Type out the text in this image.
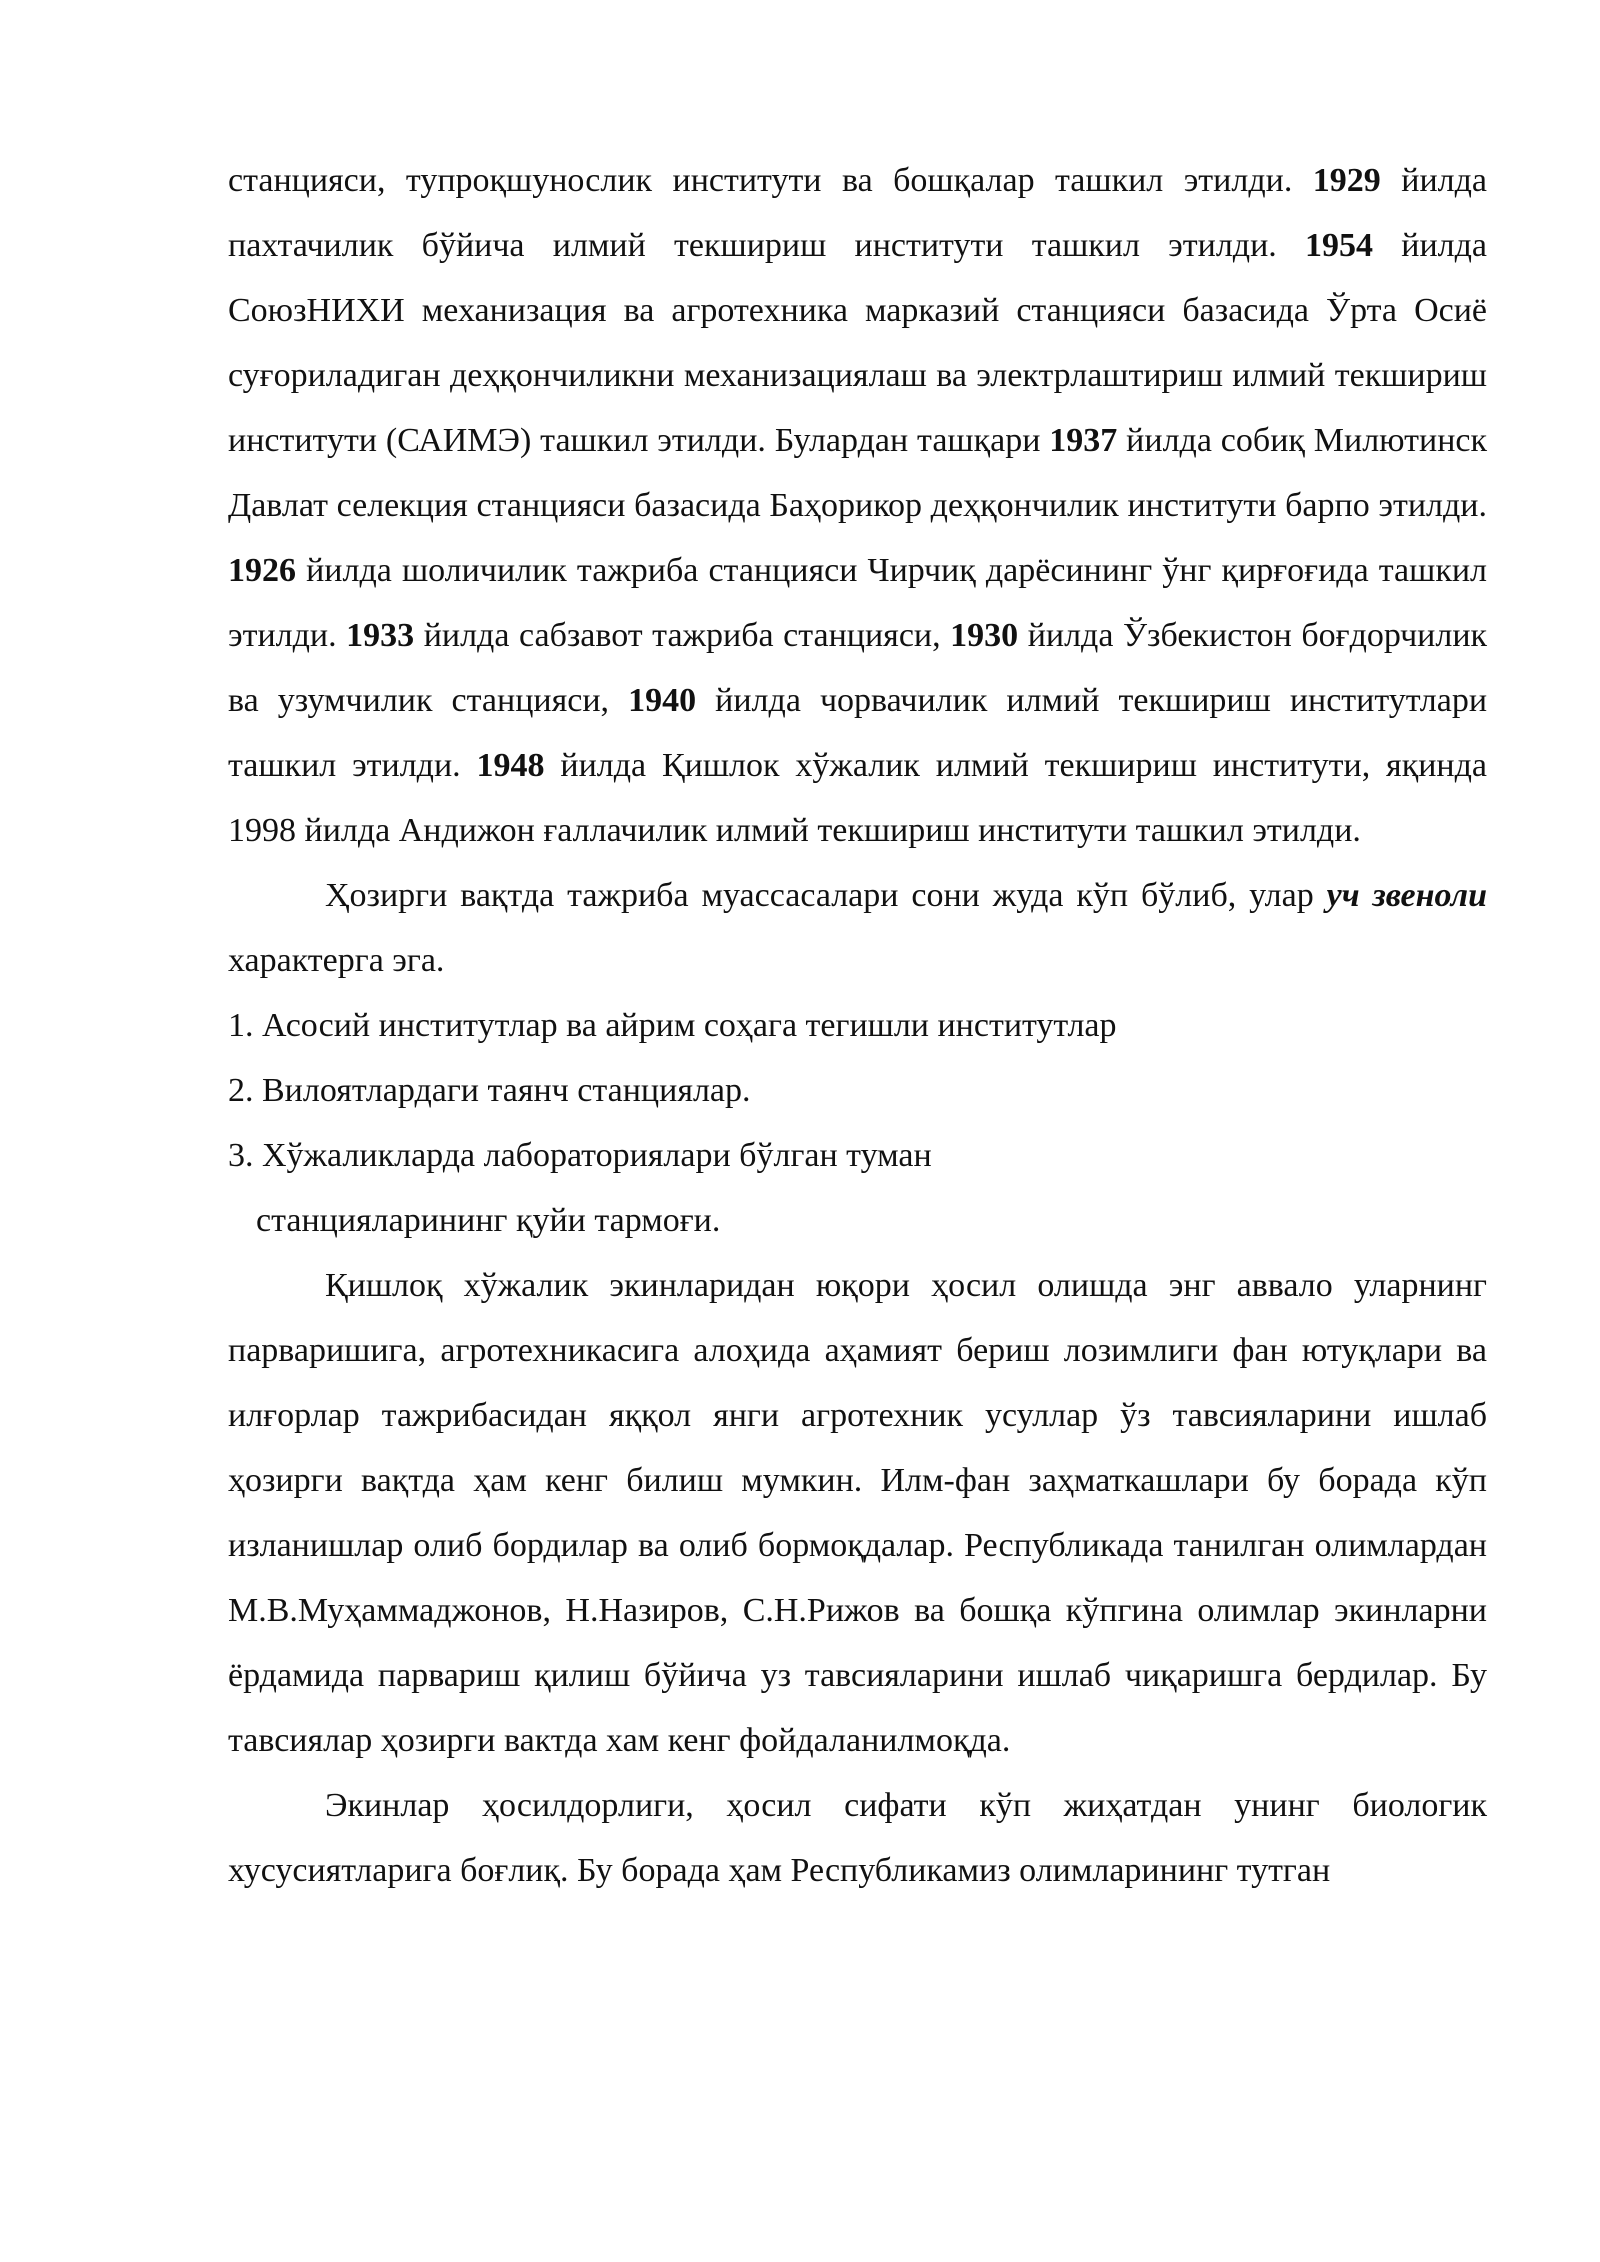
станцияси, тупроқшунослик институти ва бошқалар ташкил этилди. 1929 йилда пахтачилик бўйича илмий текшириш институти ташкил этилди. 1954 йилда СоюзНИХИ механизация ва агротехника марказий станцияси базасида Ўрта Осиё суғориладиган деҳқончиликни механизациялаш ва электрлаштириш илмий текшириш институти (САИМЭ) ташкил этилди. Булардан ташқари 1937 йилда собиқ Милютинск Давлат селекция станцияси базасида Баҳорикор деҳқончилик институти барпо этилди. 1926 йилда шоличилик тажриба станцияси Чирчиқ дарёсининг ўнг қирғоғида ташкил этилди. 1933 йилда сабзавот тажриба станцияси, 1930 йилда Ўзбекистон боғдорчилик ва узумчилик станцияси, 1940 йилда чорвачилик илмий текшириш институтлари ташкил этилди. 1948 йилда Қишлок хўжалик илмий текшириш институти, яқинда 1998 йилда Андижон ғаллачилик илмий текшириш институти ташкил этилди.

Ҳозирги вақтда тажриба муассасалари сони жуда кўп бўлиб, улар уч звеноли характерга эга.

1. Асосий институтлар ва айрим соҳага тегишли институтлар

2. Вилоятлардаги таянч станциялар.

3. Хўжаликларда лабораториялари бўлган туман

станцияларининг қуйи тармоғи.

Қишлоқ хўжалик экинларидан юқори ҳосил олишда энг аввало уларнинг парваришига, агротехникасига алоҳида аҳамият бериш лозимлиги фан ютуқлари ва илғорлар тажрибасидан яққол янги агротехник усуллар ўз тавсияларини ишлаб ҳозирги вақтда ҳам кенг билиш мумкин. Илм-фан заҳматкашлари бу борада кўп изланишлар олиб бордилар ва олиб бормоқдалар. Республикада танилган олимлардан М.В.Муҳаммаджонов, Н.Назиров, С.Н.Рижов ва бошқа кўпгина олимлар экинларни ёрдамида парвариш қилиш бўйича уз тавсияларини ишлаб чиқаришга бердилар. Бу тавсиялар ҳозирги вактда хам кенг фойдаланилмоқда.

Экинлар ҳосилдорлиги, ҳосил сифати кўп жиҳатдан унинг биологик хусусиятларига боғлиқ. Бу борада ҳам Республикамиз олимларининг тутган
